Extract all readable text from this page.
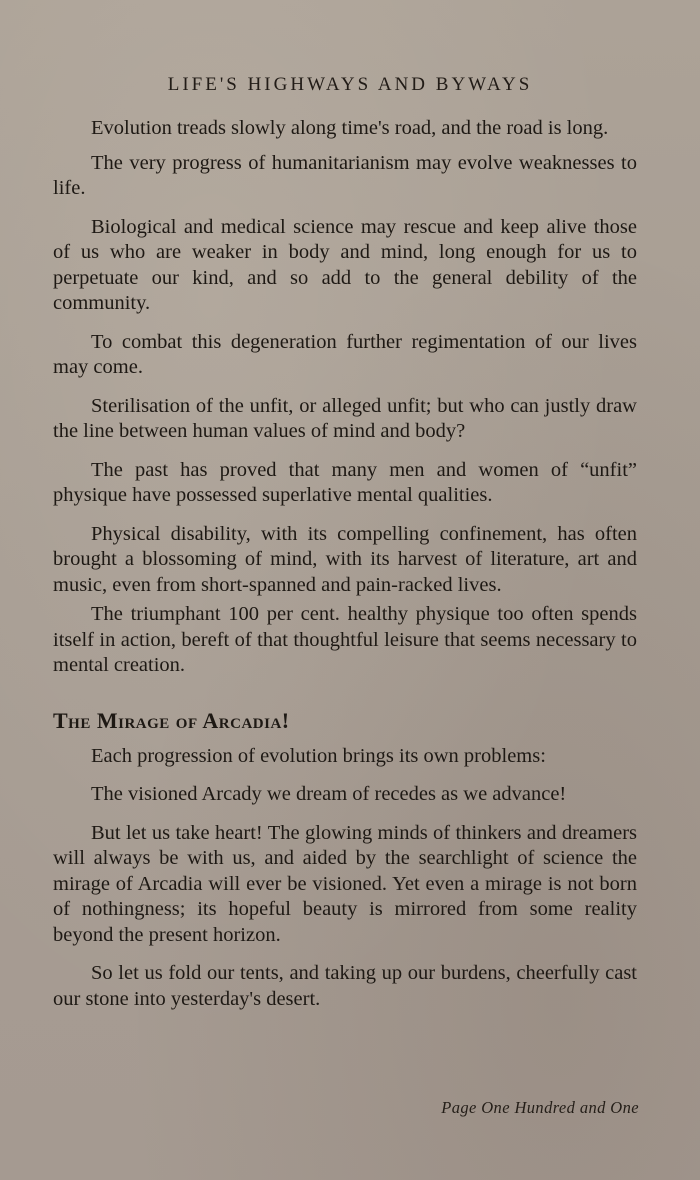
LIFE'S HIGHWAYS AND BYWAYS

Evolution treads slowly along time's road, and the road is long.

The very progress of humanitarianism may evolve weaknesses to life.

Biological and medical science may rescue and keep alive those of us who are weaker in body and mind, long enough for us to perpetuate our kind, and so add to the general debility of the community.

To combat this degeneration further regimentation of our lives may come.

Sterilisation of the unfit, or alleged unfit; but who can justly draw the line between human values of mind and body?

The past has proved that many men and women of “unfit” physique have possessed superlative mental qualities.

Physical disability, with its compelling confinement, has often brought a blossoming of mind, with its harvest of literature, art and music, even from short-spanned and pain-racked lives.

The triumphant 100 per cent. healthy physique too often spends itself in action, bereft of that thoughtful leisure that seems necessary to mental creation.

The Mirage of Arcadia!

Each progression of evolution brings its own problems:

The visioned Arcady we dream of recedes as we advance!

But let us take heart! The glowing minds of thinkers and dreamers will always be with us, and aided by the searchlight of science the mirage of Arcadia will ever be visioned. Yet even a mirage is not born of nothingness; its hopeful beauty is mirrored from some reality beyond the present horizon.

So let us fold our tents, and taking up our burdens, cheerfully cast our stone into yesterday's desert.

Page One Hundred and One
